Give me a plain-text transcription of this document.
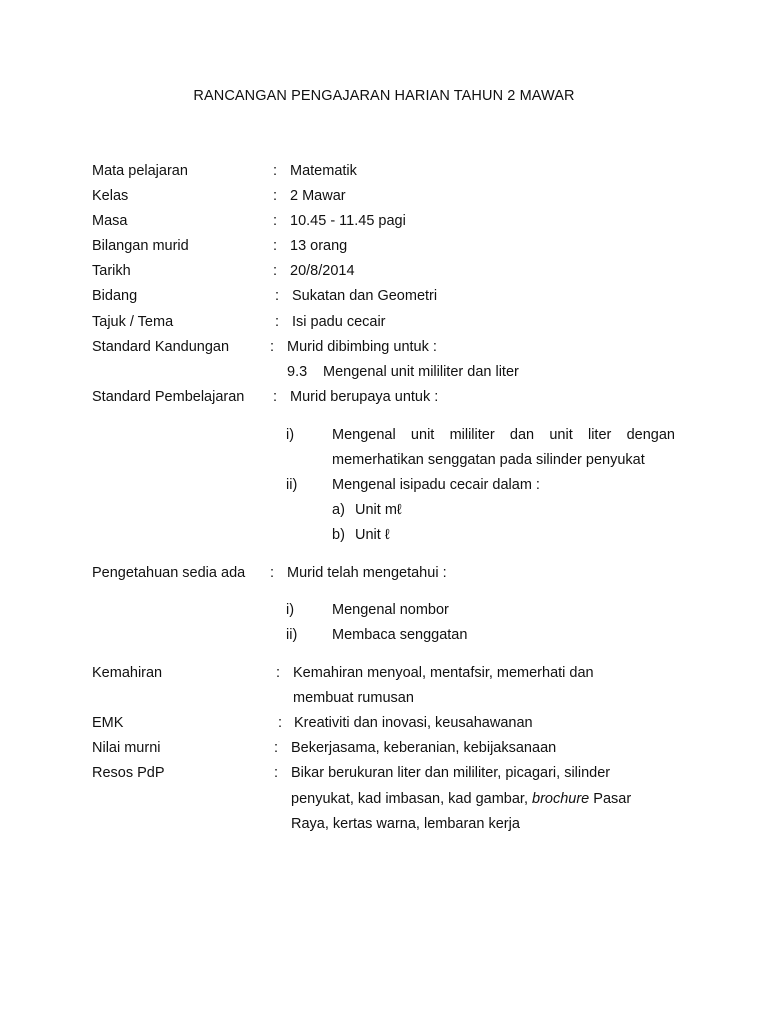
RANCANGAN PENGAJARAN HARIAN TAHUN 2 MAWAR
Mata pelajaran	: Matematik
Kelas	: 2 Mawar
Masa	: 10.45 - 11.45 pagi
Bilangan murid	: 13 orang
Tarikh	: 20/8/2014
Bidang	: Sukatan dan Geometri
Tajuk / Tema	: Isi padu cecair
Standard Kandungan	: Murid dibimbing untuk :
9.3 Mengenal unit mililiter dan liter
Standard Pembelajaran : Murid berupaya untuk :
i)	Mengenal unit mililiter dan unit liter dengan
memerhatikan senggatan pada silinder penyukat
ii) Mengenal isipadu cecair dalam :
a) Unit mℓ
b) Unit ℓ
Pengetahuan sedia ada : Murid telah mengetahui :
i)	Mengenal nombor
ii) Membaca senggatan
Kemahiran	: Kemahiran menyoal, mentafsir, memerhati dan
membuat rumusan
EMK	: Kreativiti dan inovasi, keusahawanan
Nilai murni	: Bekerjasama, keberanian, kebijaksanaan
Resos PdP	: Bikar berukuran liter dan mililiter, picagari, silinder
penyukat, kad imbasan, kad gambar, brochure Pasar
Raya, kertas warna, lembaran kerja
